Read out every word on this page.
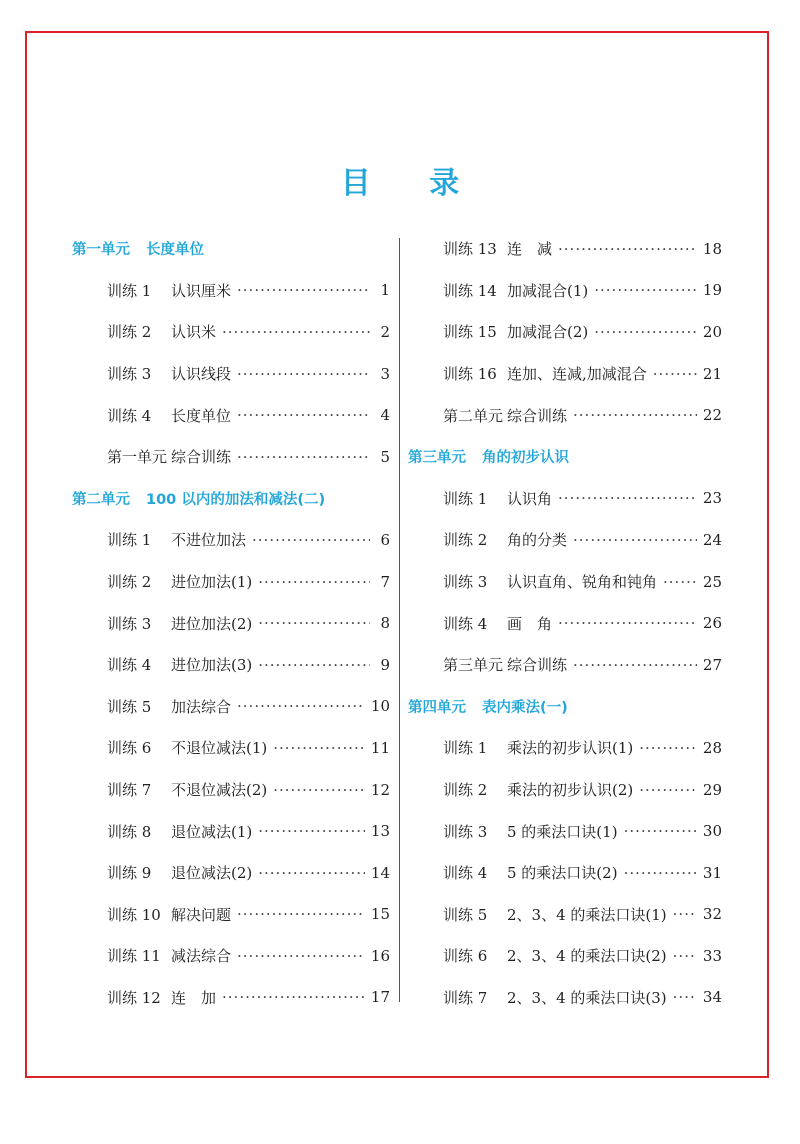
目 录
第一单元 长度单位
训练 1	认识厘米 ·····	1
训练 2	认识米 ·····	2
训练 3	认识线段 ·····	3
训练 4	长度单位 ·····	4
第一单元 综合训练 ·····	5
第二单元 100 以内的加法和减法(二)
训练 1	不进位加法 ·····	6
训练 2	进位加法(1) ·····	7
训练 3	进位加法(2) ·····	8
训练 4	进位加法(3) ·····	9
训练 5	加法综合 ·····	10
训练 6	不退位减法(1) ·····	11
训练 7	不退位减法(2) ·····	12
训练 8	退位减法(1) ·····	13
训练 9	退位减法(2) ·····	14
训练 10 解决问题 ·····	15
训练 11 减法综合 ·····	16
训练 12 连　加 ·····	17
训练 13 连　减 ·····	18
训练 14 加减混合(1) ·····	19
训练 15 加减混合(2) ·····	20
训练 16 连加、连减,加减混合 ·····	21
第二单元 综合训练 ·····	22
第三单元 角的初步认识
训练 1	认识角 ·····	23
训练 2	角的分类 ·····	24
训练 3	认识直角、锐角和钝角 ·····	25
训练 4	画　角 ·····	26
第三单元 综合训练 ·····	27
第四单元 表内乘法(一)
训练 1	乘法的初步认识(1) ·····	28
训练 2	乘法的初步认识(2) ·····	29
训练 3	5 的乘法口诀(1) ·····	30
训练 4	5 的乘法口诀(2) ·····	31
训练 5	2、3、4 的乘法口诀(1) ····· 32
训练 6	2、3、4 的乘法口诀(2) ····· 33
训练 7	2、3、4 的乘法口诀(3) ····· 34
